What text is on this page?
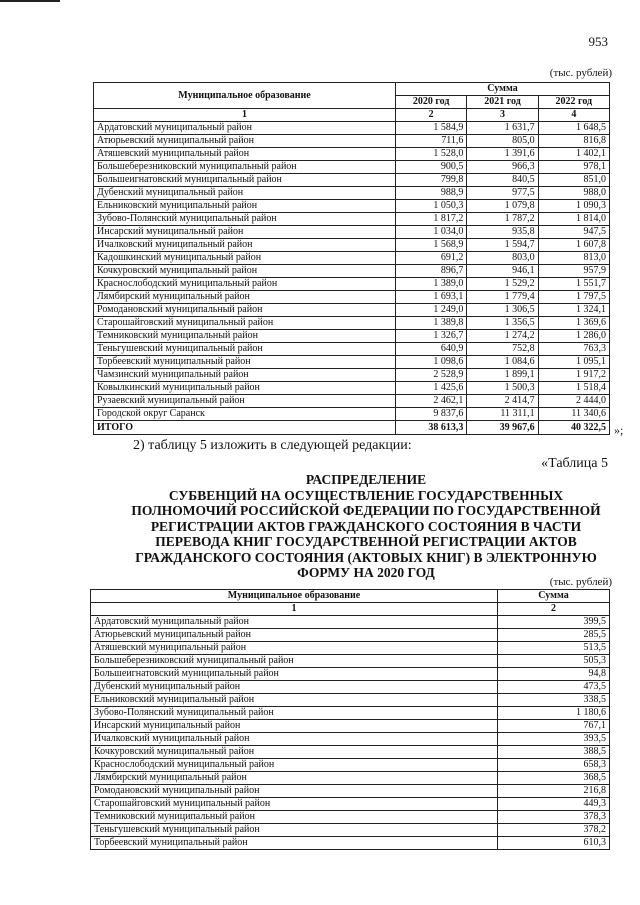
953
(тыс. рублей)
Муниципальное образование	Сумма		
	2020 год	2021 год	2022 год
1	2	3	4
Ардатовский муниципальный район	1 584,9	1 631,7	1 648,5
Атюрьевский муниципальный район	711,6	805,0	816,8
Атяшевский муниципальный район	1 528,0	1 391,6	1 402,1
Большеберезниковский муниципальный район	900,5	966,3	978,1
Большеигнатовский муниципальный район	799,8	840,5	851,0
Дубенский муниципальный район	988,9	977,5	988,0
Ельниковский муниципальный район	1 050,3	1 079,8	1 090,3
Зубово-Полянский муниципальный район	1 817,2	1 787,2	1 814,0
Инсарский муниципальный район	1 034,0	935,8	947,5
Ичалковский муниципальный район	1 568,9	1 594,7	1 607,8
Кадошкинский муниципальный район	691,2	803,0	813,0
Кочкуровский муниципальный район	896,7	946,1	957,9
Краснослободский муниципальный район	1 389,0	1 529,2	1 551,7
Лямбирский муниципальный район	1 693,1	1 779,4	1 797,5
Ромодановский муниципальный район	1 249,0	1 306,5	1 324,1
Старошайговский муниципальный район	1 389,8	1 356,5	1 369,6
Темниковский муниципальный район	1 326,7	1 274,2	1 286,0
Теньгушевский муниципальный район	640,9	752,8	763,3
Торбеевский муниципальный район	1 098,6	1 084,6	1 095,1
Чамзинский муниципальный район	2 528,9	1 899,1	1 917,2
Ковылкинский муниципальный район	1 425,6	1 500,3	1 518,4
Рузаевский муниципальный район	2 462,1	2 414,7	2 444,0
Городской округ Саранск	9 837,6	11 311,1	11 340,6
ИТОГО	38 613,3	39 967,6	40 322,5 »;
2) таблицу 5 изложить в следующей редакции:
«Таблица 5
РАСПРЕДЕЛЕНИЕ
СУБВЕНЦИЙ НА ОСУЩЕСТВЛЕНИЕ ГОСУДАРСТВЕННЫХ
ПОЛНОМОЧИЙ РОССИЙСКОЙ ФЕДЕРАЦИИ ПО ГОСУДАРСТВЕННОЙ
РЕГИСТРАЦИИ АКТОВ ГРАЖДАНСКОГО СОСТОЯНИЯ В ЧАСТИ
ПЕРЕВОДА КНИГ ГОСУДАРСТВЕННОЙ РЕГИСТРАЦИИ АКТОВ
ГРАЖДАНСКОГО СОСТОЯНИЯ (АКТОВЫХ КНИГ) В ЭЛЕКТРОННУЮ
ФОРМУ НА 2020 ГОД
(тыс. рублей)
Муниципальное образование	Сумма
1	2
Ардатовский муниципальный район	399,5
Атюрьевский муниципальный район	285,5
Атяшевский муниципальный район	513,5
Большеберезниковский муниципальный район	505,3
Большеигнатовский муниципальный район	94,8
Дубенский муниципальный район	473,5
Ельниковский муниципальный район	338,5
Зубово-Полянский муниципальный район	1 180,6
Инсарский муниципальный район	767,1
Ичалковский муниципальный район	393,5
Кочкуровский муниципальный район	388,5
Краснослободский муниципальный район	658,3
Лямбирский муниципальный район	368,5
Ромодановский муниципальный район	216,8
Старошайговский муниципальный район	449,3
Темниковский муниципальный район	378,3
Теньгушевский муниципальный район	378,2
Торбеевский муниципальный район	610,3
